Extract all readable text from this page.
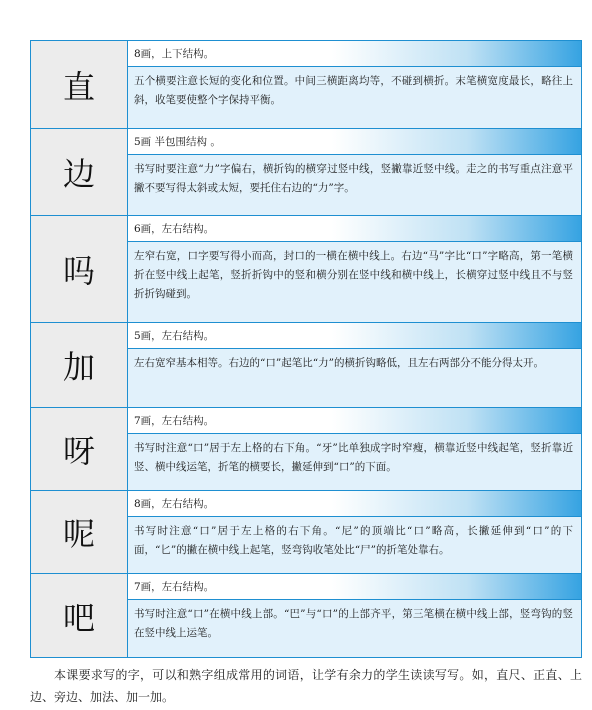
直
8画，上下结构。
五个横要注意长短的变化和位置。中间三横距离均等，不碰到横折。末笔横宽度最长，略往上斜，收笔要使整个字保持平衡。
边
5画 半包围结构 。
书写时要注意“力”字偏右，横折钩的横穿过竖中线，竖撇靠近竖中线。走之的书写重点注意平撇不要写得太斜或太短，要托住右边的“力”字。
吗
6画，左右结构。
左窄右宽，口字要写得小而高，封口的一横在横中线上。右边“马”字比“口”字略高，第一笔横折在竖中线上起笔，竖折折钩中的竖和横分别在竖中线和横中线上，长横穿过竖中线且不与竖折折钩碰到。
加
5画，左右结构。
左右宽窄基本相等。右边的“口”起笔比“力”的横折钩略低，且左右两部分不能分得太开。
呀
7画，左右结构。
书写时注意“口”居于左上格的右下角。“牙”比单独成字时窄瘦，横靠近竖中线起笔，竖折靠近竖、横中线运笔，折笔的横要长，撇延伸到“口”的下面。
呢
8画，左右结构。
书写时注意“口”居于左上格的右下角。“尼”的顶端比“口”略高，长撇延伸到“口”的下面，“匕”的撇在横中线上起笔，竖弯钩收笔处比“尸”的折笔处靠右。
吧
7画，左右结构。
书写时注意“口”在横中线上部。“巴”与“口”的上部齐平，第三笔横在横中线上部，竖弯钩的竖在竖中线上运笔。
本课要求写的字，可以和熟字组成常用的词语，让学有余力的学生读读写写。如，直尺、正直、上边、旁边、加法、加一加。
